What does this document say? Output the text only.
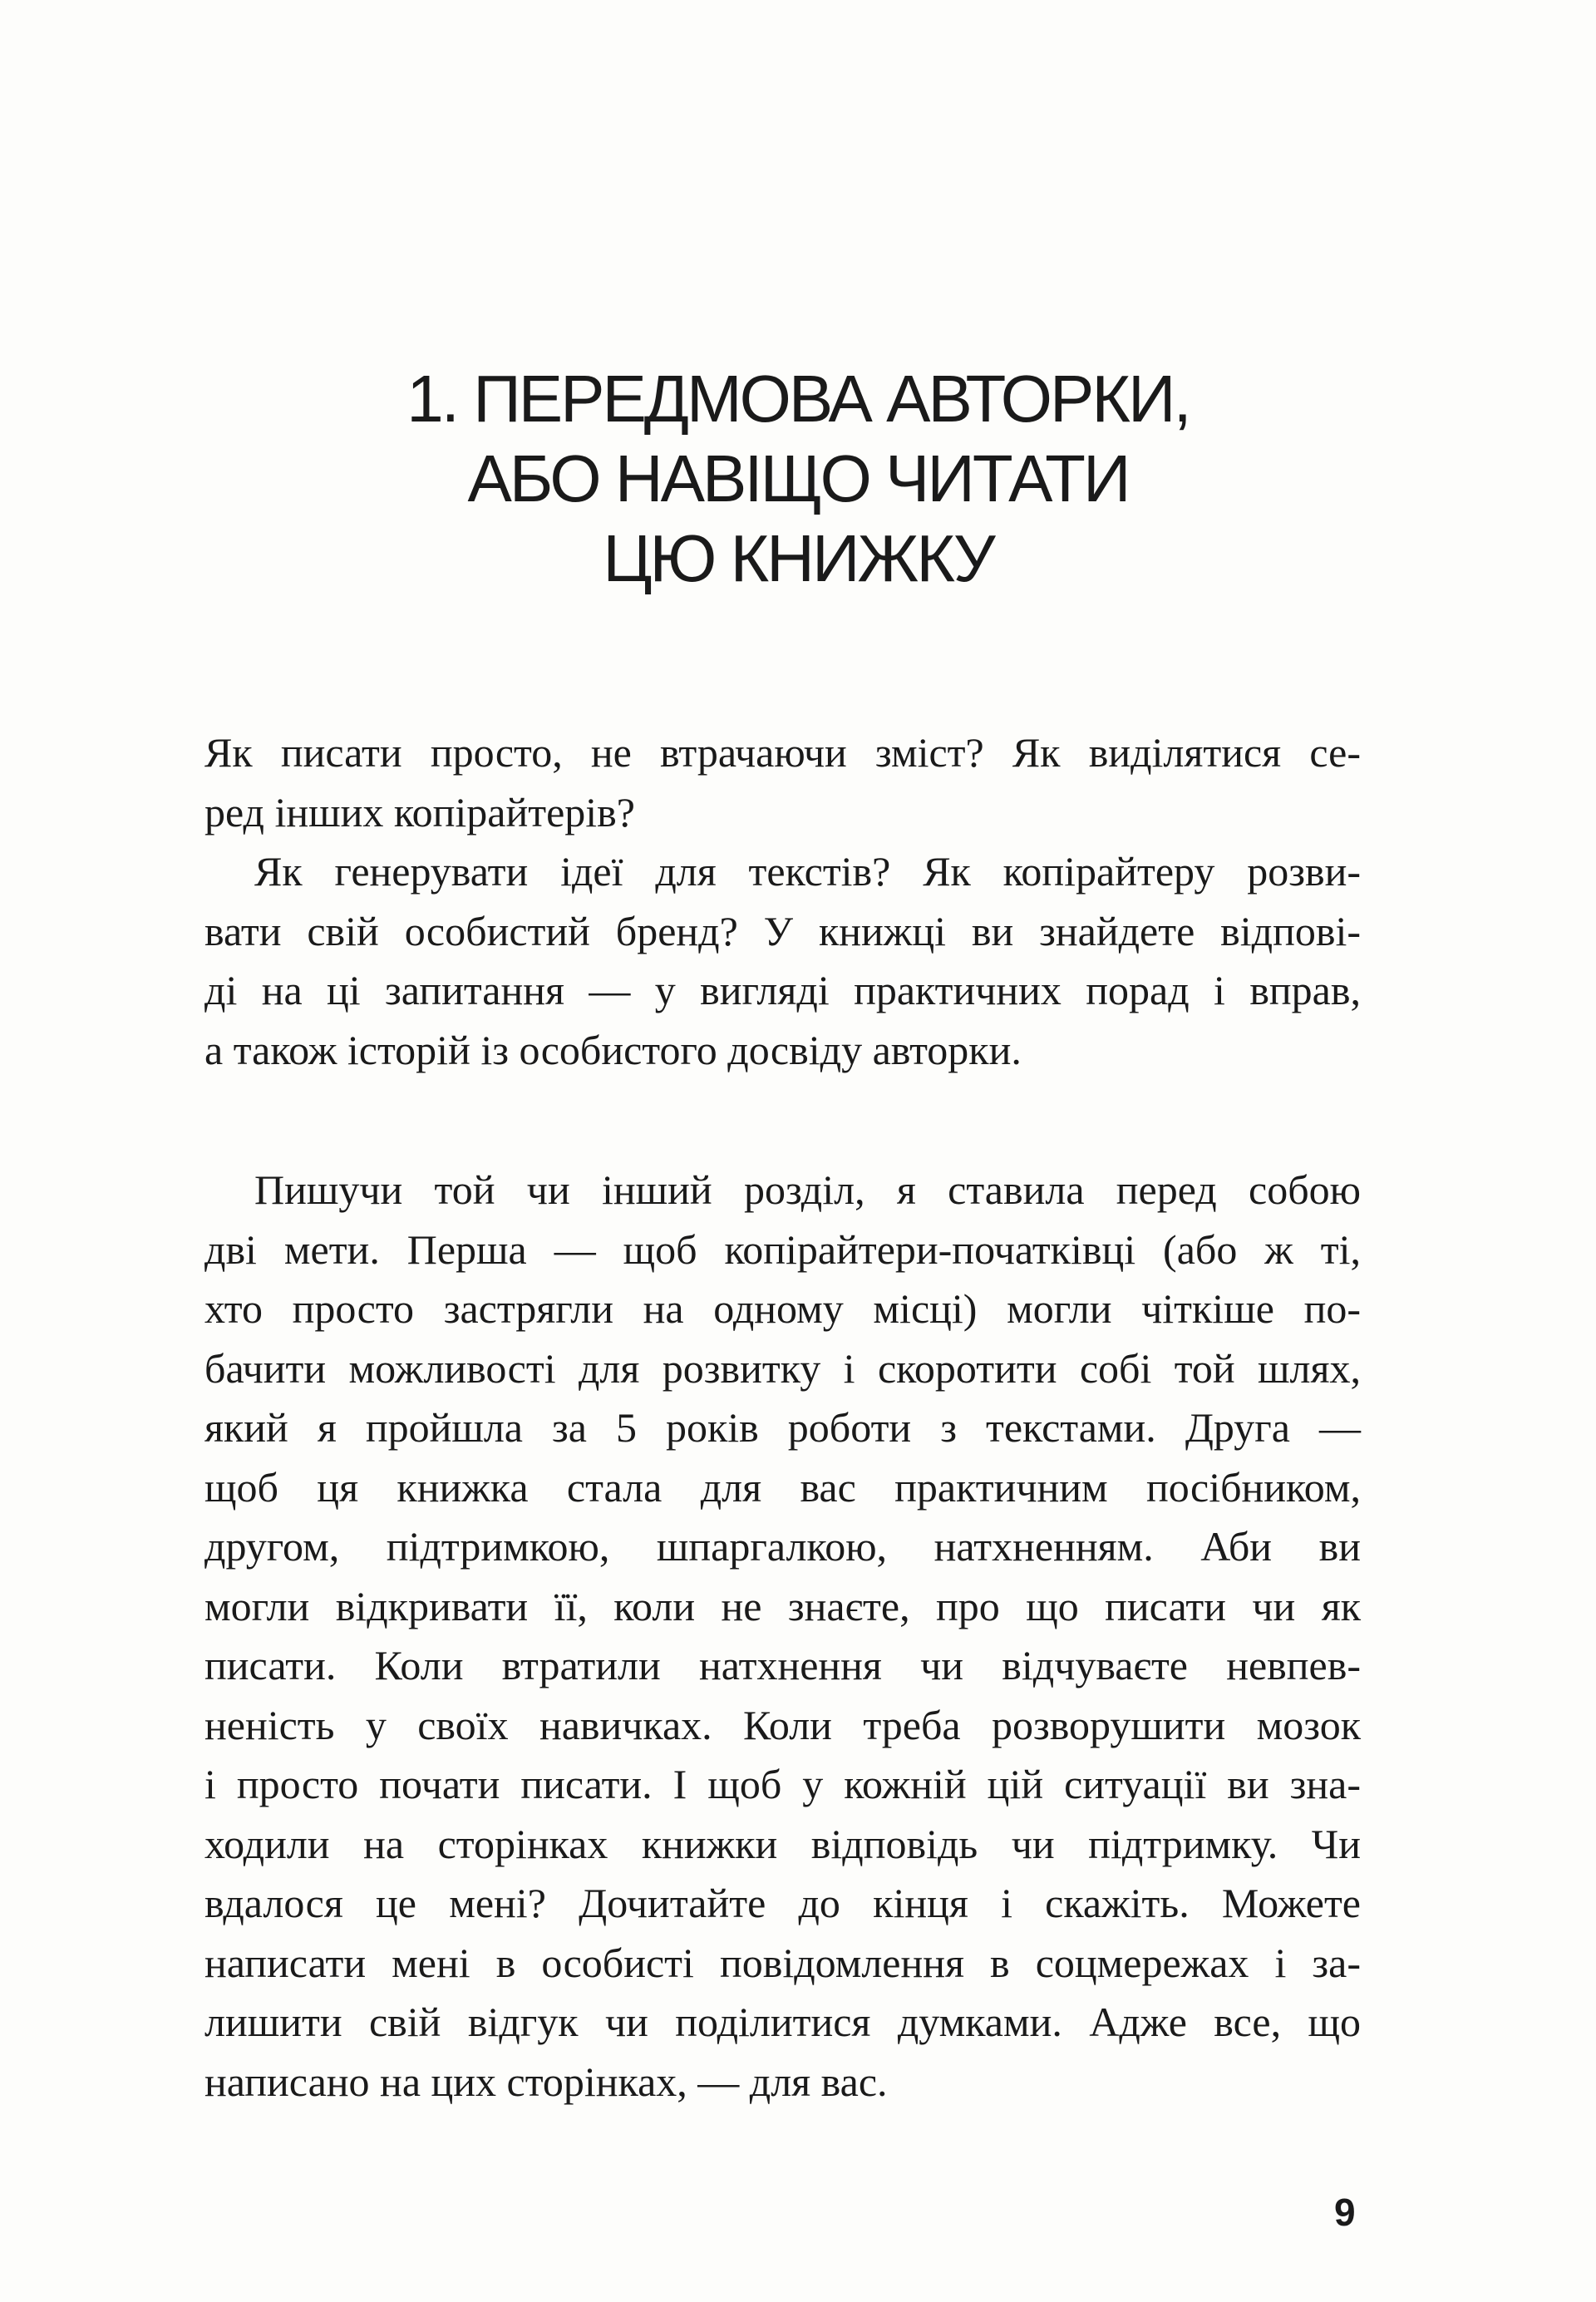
1. ПЕРЕДМОВА АВТОРКИ,
АБО НАВІЩО ЧИТАТИ
ЦЮ КНИЖКУ
Як писати просто, не втрачаючи зміст? Як виділятися се-
ред інших копірайтерів?
Як генерувати ідеї для текстів? Як копірайтеру розви-
вати свій особистий бренд? У книжці ви знайдете відпові-
ді на ці запитання — у вигляді практичних порад і вправ,
а також історій із особистого досвіду авторки.
Пишучи той чи інший розділ, я ставила перед собою
дві мети. Перша — щоб копірайтери-початківці (або ж ті,
хто просто застрягли на одному місці) могли чіткіше по-
бачити можливості для розвитку і скоротити собі той шлях,
який я пройшла за 5 років роботи з текстами. Друга —
щоб ця книжка стала для вас практичним посібником,
другом, підтримкою, шпаргалкою, натхненням. Аби ви
могли відкривати її, коли не знаєте, про що писати чи як
писати. Коли втратили натхнення чи відчуваєте невпев-
неність у своїх навичках. Коли треба розворушити мозок
і просто почати писати. І щоб у кожній цій ситуації ви зна-
ходили на сторінках книжки відповідь чи підтримку. Чи
вдалося це мені? Дочитайте до кінця і скажіть. Можете
написати мені в особисті повідомлення в соцмережах і за-
лишити свій відгук чи поділитися думками. Адже все, що
написано на цих сторінках, — для вас.
9
